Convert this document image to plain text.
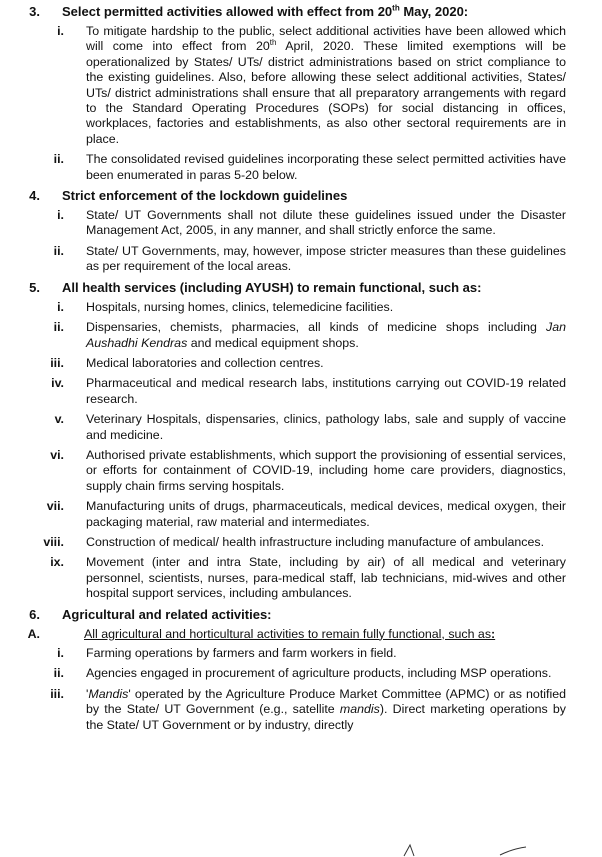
3. Select permitted activities allowed with effect from 20th May, 2020:
i. To mitigate hardship to the public, select additional activities have been allowed which will come into effect from 20th April, 2020. These limited exemptions will be operationalized by States/ UTs/ district administrations based on strict compliance to the existing guidelines. Also, before allowing these select additional activities, States/ UTs/ district administrations shall ensure that all preparatory arrangements with regard to the Standard Operating Procedures (SOPs) for social distancing in offices, workplaces, factories and establishments, as also other sectoral requirements are in place.
ii. The consolidated revised guidelines incorporating these select permitted activities have been enumerated in paras 5-20 below.
4. Strict enforcement of the lockdown guidelines
i. State/ UT Governments shall not dilute these guidelines issued under the Disaster Management Act, 2005, in any manner, and shall strictly enforce the same.
ii. State/ UT Governments, may, however, impose stricter measures than these guidelines as per requirement of the local areas.
5. All health services (including AYUSH) to remain functional, such as:
i. Hospitals, nursing homes, clinics, telemedicine facilities.
ii. Dispensaries, chemists, pharmacies, all kinds of medicine shops including Jan Aushadhi Kendras and medical equipment shops.
iii. Medical laboratories and collection centres.
iv. Pharmaceutical and medical research labs, institutions carrying out COVID-19 related research.
v. Veterinary Hospitals, dispensaries, clinics, pathology labs, sale and supply of vaccine and medicine.
vi. Authorised private establishments, which support the provisioning of essential services, or efforts for containment of COVID-19, including home care providers, diagnostics, supply chain firms serving hospitals.
vii. Manufacturing units of drugs, pharmaceuticals, medical devices, medical oxygen, their packaging material, raw material and intermediates.
viii. Construction of medical/ health infrastructure including manufacture of ambulances.
ix. Movement (inter and intra State, including by air) of all medical and veterinary personnel, scientists, nurses, para-medical staff, lab technicians, mid-wives and other hospital support services, including ambulances.
6. Agricultural and related activities:
A.	All agricultural and horticultural activities to remain fully functional, such as:
i. Farming operations by farmers and farm workers in field.
ii. Agencies engaged in procurement of agriculture products, including MSP operations.
iii. 'Mandis' operated by the Agriculture Produce Market Committee (APMC) or as notified by the State/ UT Government (e.g., satellite mandis). Direct marketing operations by the State/ UT Government or by industry, directly
